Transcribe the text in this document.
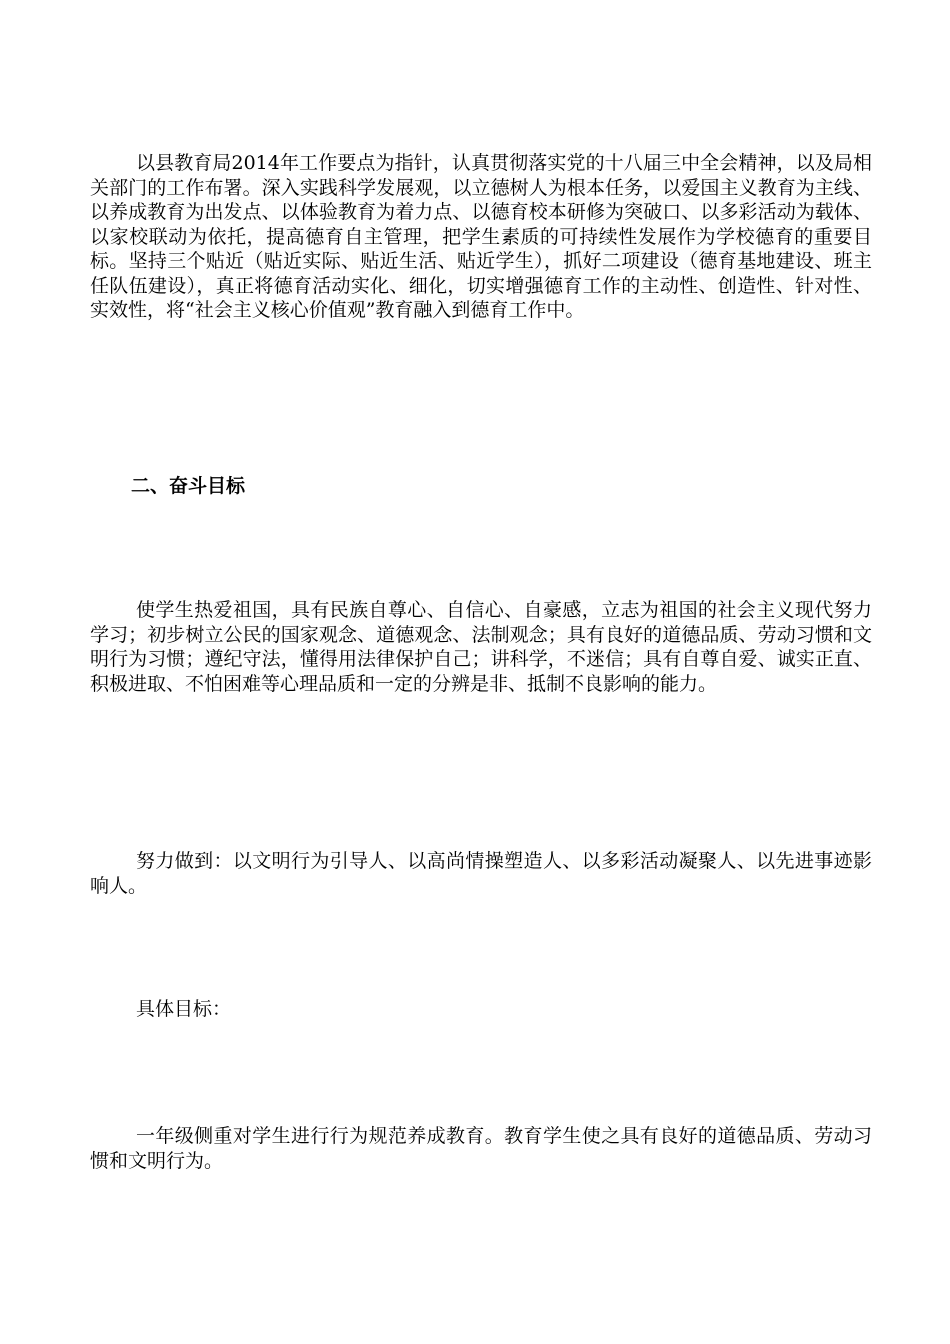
以县教育局2014年工作要点为指针，认真贯彻落实党的十八届三中全会精神，以及局相关部门的工作布署。深入实践科学发展观，以立德树人为根本任务，以爱国主义教育为主线、以养成教育为出发点、以体验教育为着力点、以德育校本研修为突破口、以多彩活动为载体、以家校联动为依托，提高德育自主管理，把学生素质的可持续性发展作为学校德育的重要目标。坚持三个贴近（贴近实际、贴近生活、贴近学生），抓好二项建设（德育基地建设、班主任队伍建设），真正将德育活动实化、细化，切实增强德育工作的主动性、创造性、针对性、实效性，将“社会主义核心价值观”教育融入到德育工作中。

二、奋斗目标

使学生热爱祖国，具有民族自尊心、自信心、自豪感，立志为祖国的社会主义现代努力学习；初步树立公民的国家观念、道德观念、法制观念；具有良好的道德品质、劳动习惯和文明行为习惯；遵纪守法，懂得用法律保护自己；讲科学，不迷信；具有自尊自爱、诚实正直、积极进取、不怕困难等心理品质和一定的分辨是非、抵制不良影响的能力。

努力做到：以文明行为引导人、以高尚情操塑造人、以多彩活动凝聚人、以先进事迹影响人。

具体目标：

一年级侧重对学生进行行为规范养成教育。教育学生使之具有良好的道德品质、劳动习惯和文明行为。
